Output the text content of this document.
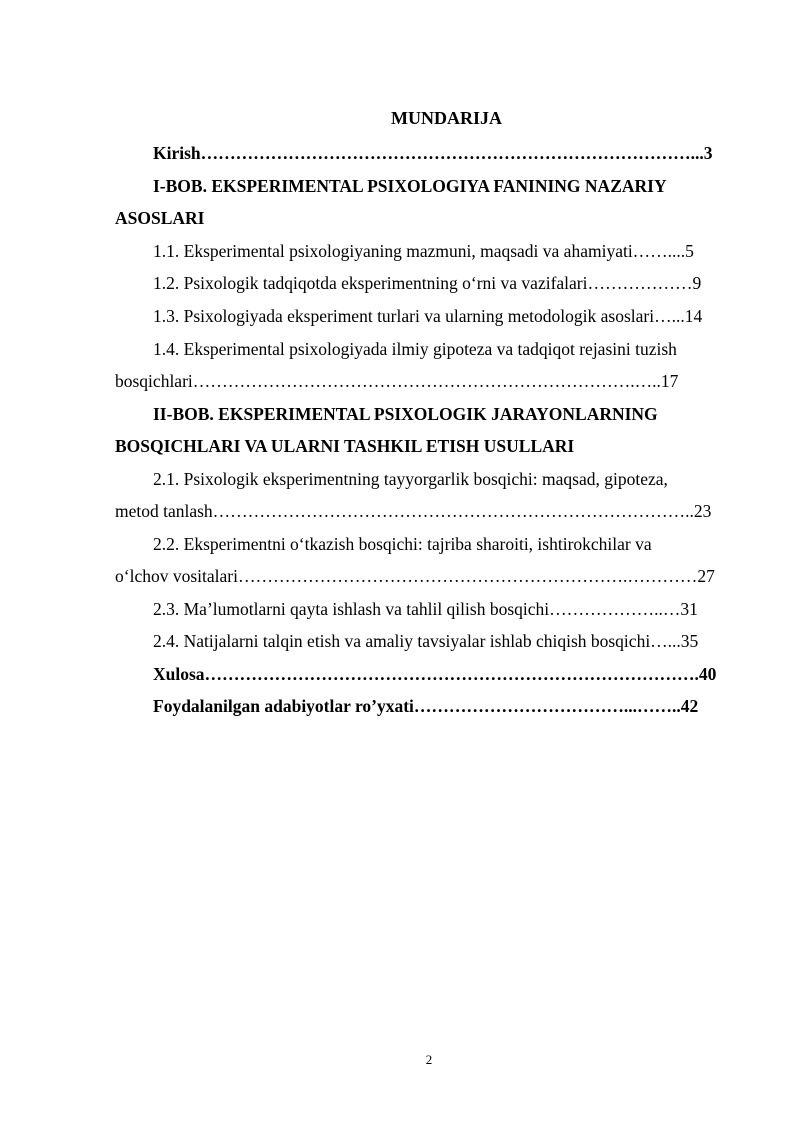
MUNDARIJA
Kirish…………………………………………………………………………...3
I-BOB. EKSPERIMENTAL PSIXOLOGIYA FANINING NAZARIY
ASOSLARI
1.1. Eksperimental psixologiyaning mazmuni, maqsadi va ahamiyati……....5
1.2. Psixologik tadqiqotda eksperimentning oʻrni va vazifalari………………9
1.3. Psixologiyada eksperiment turlari va ularning metodologik asoslari…...14
1.4. Eksperimental psixologiyada ilmiy gipoteza va tadqiqot rejasini tuzish
bosqichlari………………………………………………………………….…..17
II-BOB. EKSPERIMENTAL PSIXOLOGIK JARAYONLARNING
BOSQICHLARI VA ULARNI TASHKIL ETISH USULLARI
2.1. Psixologik eksperimentning tayyorgarlik bosqichi: maqsad, gipoteza,
metod tanlash………………………………………………………………………..23
2.2. Eksperimentni oʻtkazish bosqichi: tajriba sharoiti, ishtirokchilar va
oʻlchov vositalari………………………………………………………….…………27
2.3. Maʼlumotlarni qayta ishlash va tahlil qilish bosqichi………………..…31
2.4. Natijalarni talqin etish va amaliy tavsiyalar ishlab chiqish bosqichi…...35
Xulosa………………………………………………………………………….40
Foydalanilgan adabiyotlar roʼyxati………………………………...……..42
2
